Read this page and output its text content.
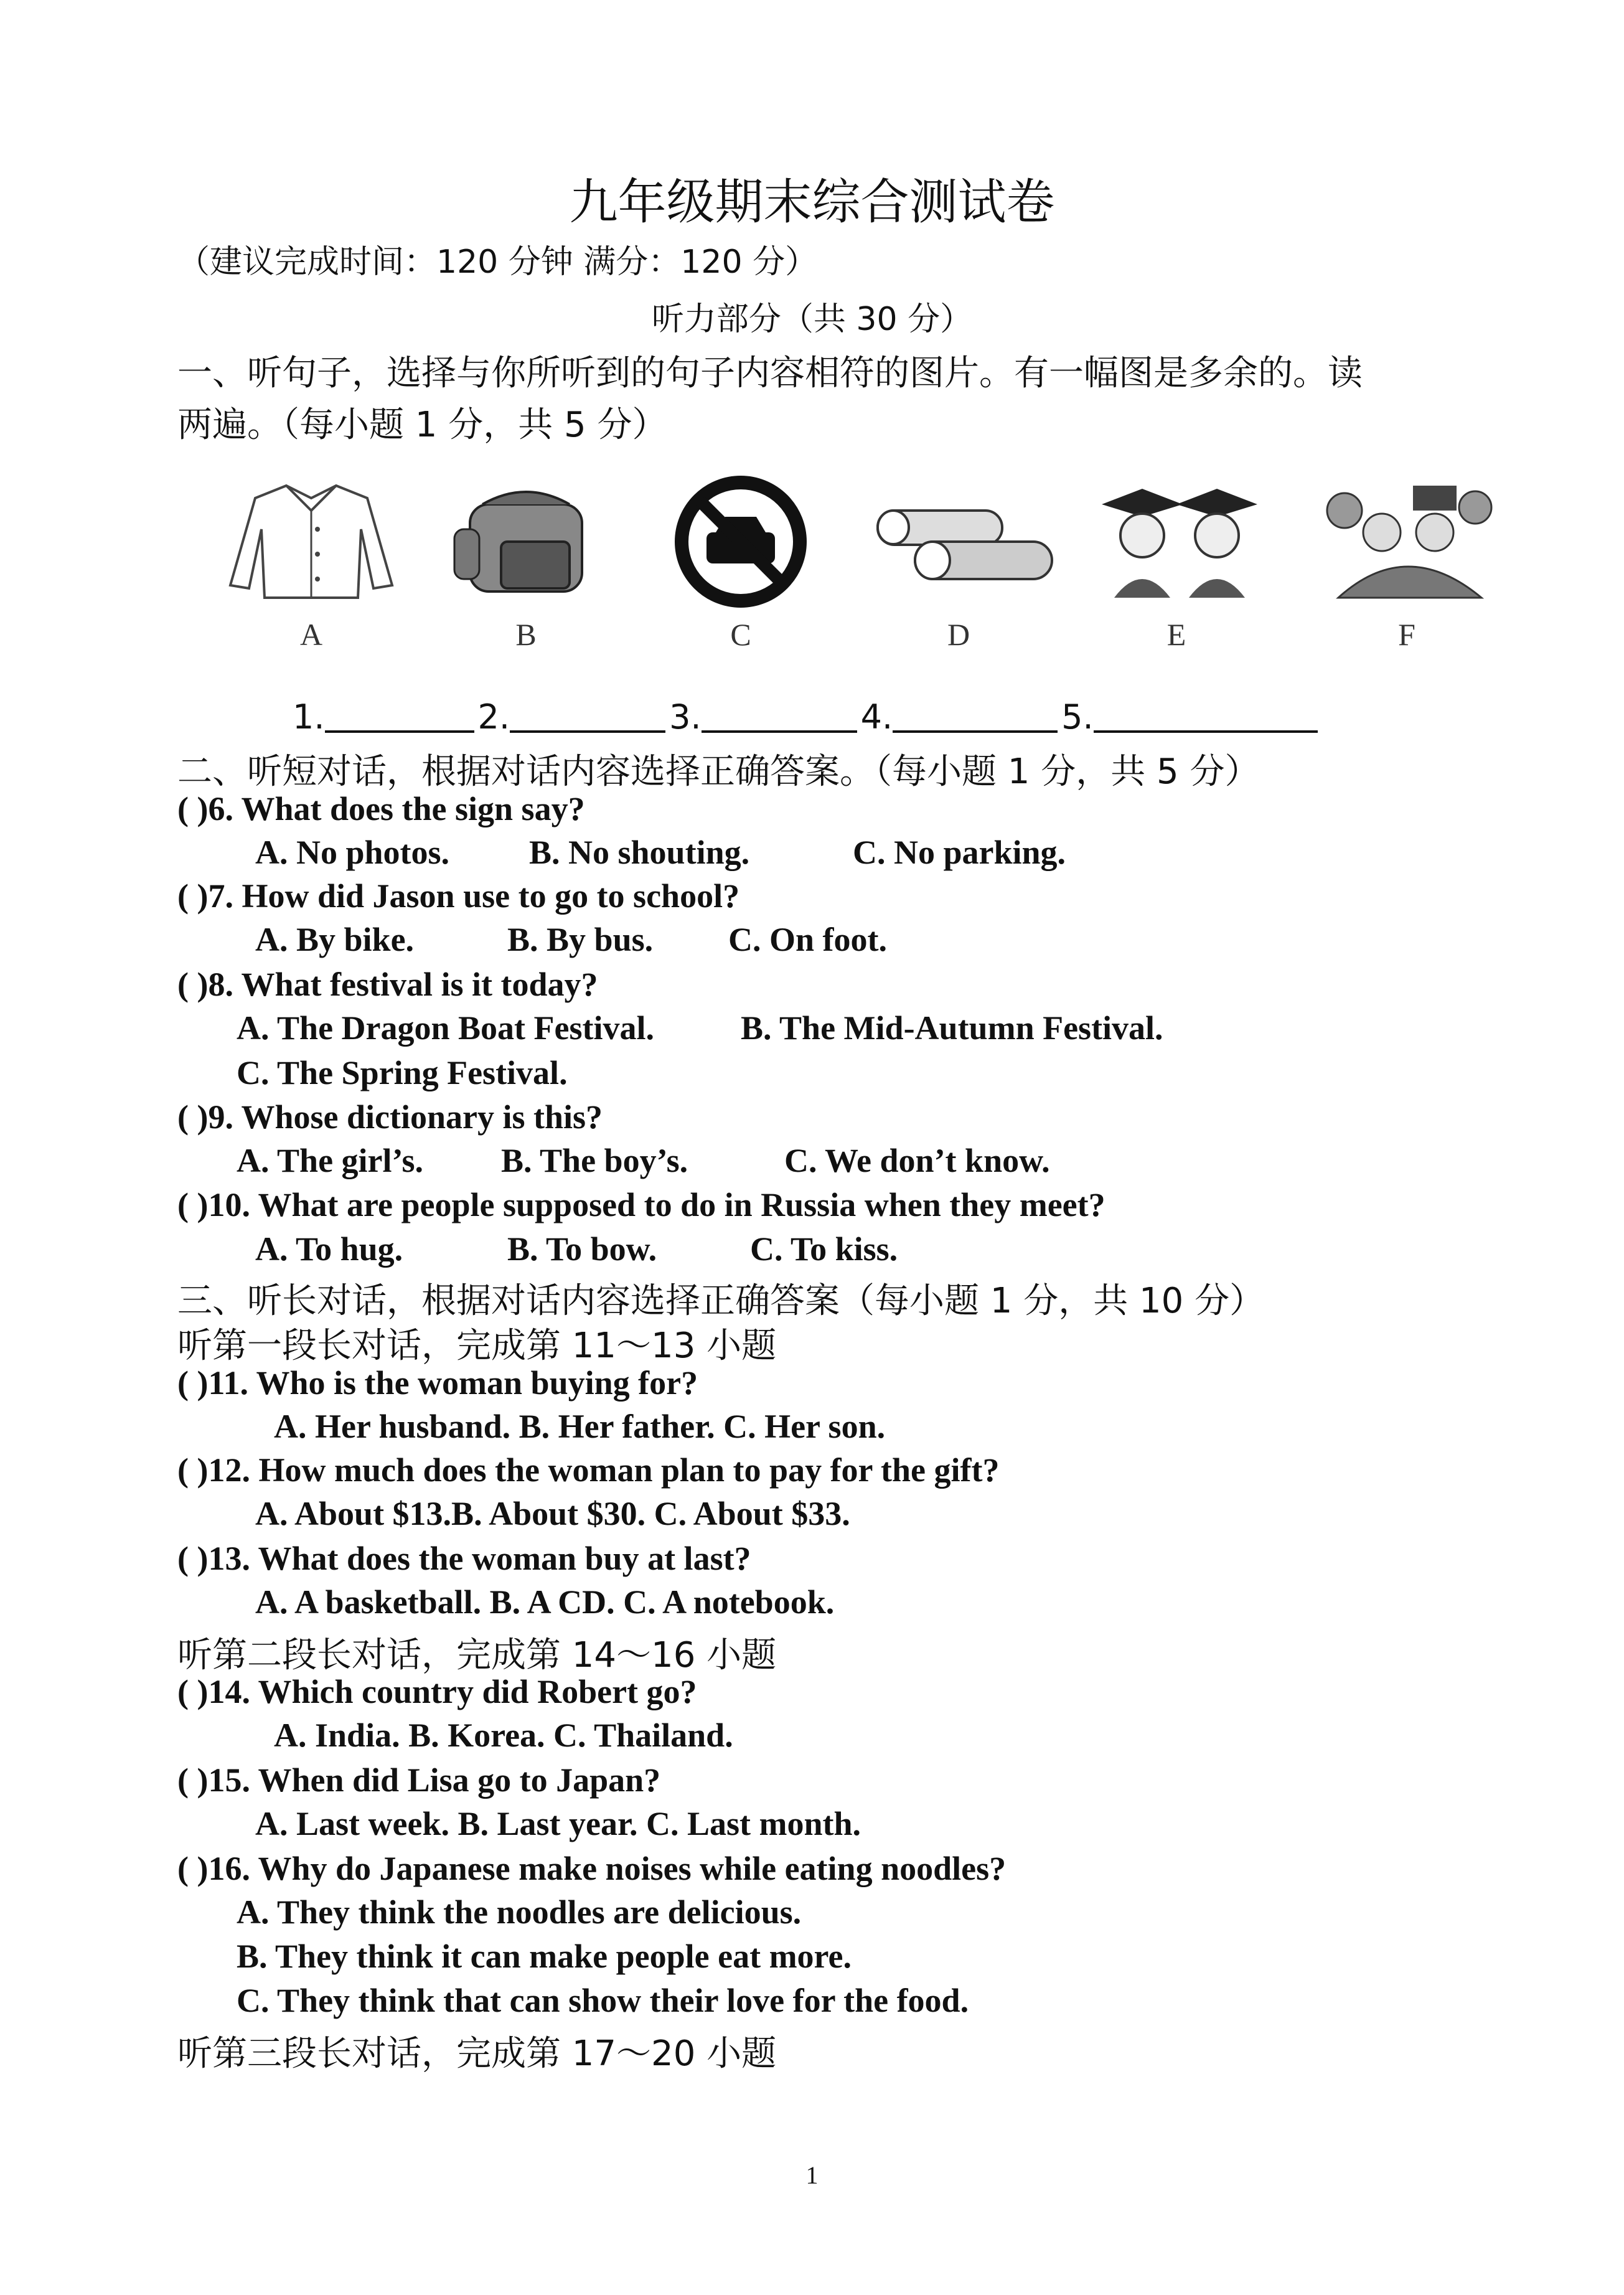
九年级期末综合测试卷
（建议完成时间：120 分钟 满分：120 分）
听力部分（共 30 分）
一、听句子，选择与你所听到的句子内容相符的图片。有一幅图是多余的。读
两遍。（每小题 1 分，共 5 分）
A	B	C	D	E	F
1.	2.	3.	4.	5.
二、听短对话，根据对话内容选择正确答案。（每小题 1 分，共 5 分）
( )6. What does the sign say?
A. No photos. B. No shouting.	C. No parking.
( )7. How did Jason use to go to school?
A. By bike.	B. By bus. C. On foot.
( )8. What festival is it today?
A. The Dragon Boat Festival.	B. The Mid-Autumn Festival.
C. The Spring Festival.
( )9. Whose dictionary is this?
A. The girl’s. B. The boy’s.	C. We don’t know.
( )10. What are people supposed to do in Russia when they meet?
A. To hug.	B. To bow.	C. To kiss.
三、听长对话，根据对话内容选择正确答案（每小题 1 分，共 10 分）
听第一段长对话，完成第 11～13 小题
( )11. Who is the woman buying for?
A. Her husband. B. Her father. C. Her son.
( )12. How much does the woman plan to pay for the gift?
A. About $13.B. About $30. C. About $33.
( )13. What does the woman buy at last?
A. A basketball. B. A CD. C. A notebook.
听第二段长对话，完成第 14～16 小题
( )14. Which country did Robert go?
A. India. B. Korea. C. Thailand.
( )15. When did Lisa go to Japan?
A. Last week. B. Last year. C. Last month.
( )16. Why do Japanese make noises while eating noodles?
A. They think the noodles are delicious.
B. They think it can make people eat more.
C. They think that can show their love for the food.
听第三段长对话，完成第 17～20 小题
1
